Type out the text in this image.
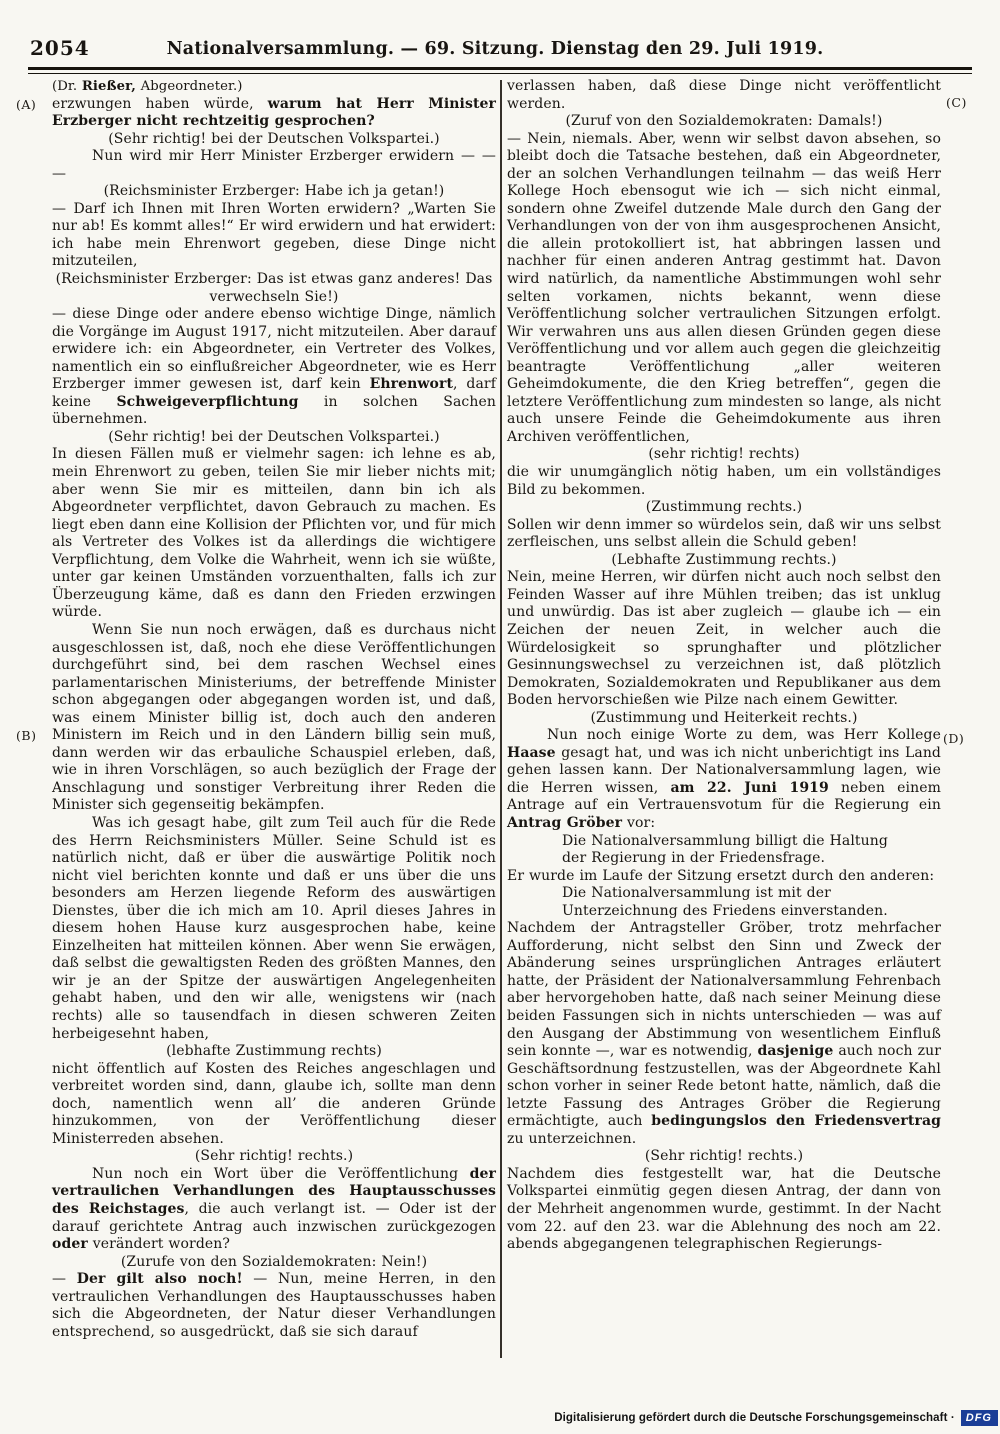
2054	Nationalversammlung. — 69. Sitzung. Dienstag den 29. Juli 1919.
(A)
(B)
(C)
(D)

(Dr. Rießer, Abgeordneter.)

erzwungen haben würde, warum hat Herr Minister Erzberger nicht rechtzeitig gesprochen?

(Sehr richtig! bei der Deutschen Volkspartei.)

Nun wird mir Herr Minister Erzberger erwidern — — —

(Reichsminister Erzberger: Habe ich ja getan!)

— Darf ich Ihnen mit Ihren Worten erwidern? „Warten Sie nur ab! Es kommt alles!“ Er wird erwidern und hat erwidert: ich habe mein Ehrenwort gegeben, diese Dinge nicht mitzuteilen,

(Reichsminister Erzberger: Das ist etwas ganz anderes! Das verwechseln Sie!)

— diese Dinge oder andere ebenso wichtige Dinge, nämlich die Vorgänge im August 1917, nicht mitzuteilen. Aber darauf erwidere ich: ein Abgeordneter, ein Vertreter des Volkes, namentlich ein so einflußreicher Abgeordneter, wie es Herr Erzberger immer gewesen ist, darf kein Ehrenwort, darf keine Schweigeverpflichtung in solchen Sachen übernehmen.

(Sehr richtig! bei der Deutschen Volkspartei.)

In diesen Fällen muß er vielmehr sagen: ich lehne es ab, mein Ehrenwort zu geben, teilen Sie mir lieber nichts mit; aber wenn Sie mir es mitteilen, dann bin ich als Abgeordneter verpflichtet, davon Gebrauch zu machen. Es liegt eben dann eine Kollision der Pflichten vor, und für mich als Vertreter des Volkes ist da allerdings die wichtigere Verpflichtung, dem Volke die Wahrheit, wenn ich sie wüßte, unter gar keinen Umständen vorzuenthalten, falls ich zur Überzeugung käme, daß es dann den Frieden erzwingen würde.

Wenn Sie nun noch erwägen, daß es durchaus nicht ausgeschlossen ist, daß, noch ehe diese Veröffentlichungen durchgeführt sind, bei dem raschen Wechsel eines parlamentarischen Ministeriums, der betreffende Minister schon abgegangen oder abgegangen worden ist, und daß, was einem Minister billig ist, doch auch den anderen Ministern im Reich und in den Ländern billig sein muß, dann werden wir das erbauliche Schauspiel erleben, daß, wie in ihren Vorschlägen, so auch bezüglich der Frage der Anschlagung und sonstiger Verbreitung ihrer Reden die Minister sich gegenseitig bekämpfen.

Was ich gesagt habe, gilt zum Teil auch für die Rede des Herrn Reichsministers Müller. Seine Schuld ist es natürlich nicht, daß er über die auswärtige Politik noch nicht viel berichten konnte und daß er uns über die uns besonders am Herzen liegende Reform des auswärtigen Dienstes, über die ich mich am 10. April dieses Jahres in diesem hohen Hause kurz ausgesprochen habe, keine Einzelheiten hat mitteilen können. Aber wenn Sie erwägen, daß selbst die gewaltigsten Reden des größten Mannes, den wir je an der Spitze der auswärtigen Angelegenheiten gehabt haben, und den wir alle, wenigstens wir (nach rechts) alle so tausendfach in diesen schweren Zeiten herbeigesehnt haben,

(lebhafte Zustimmung rechts)

nicht öffentlich auf Kosten des Reiches angeschlagen und verbreitet worden sind, dann, glaube ich, sollte man denn doch, namentlich wenn all’ die anderen Gründe hinzukommen, von der Veröffentlichung dieser Ministerreden absehen.

(Sehr richtig! rechts.)

Nun noch ein Wort über die Veröffentlichung der vertraulichen Verhandlungen des Hauptausschusses des Reichstages, die auch verlangt ist. — Oder ist der darauf gerichtete Antrag auch inzwischen zurückgezogen oder verändert worden?

(Zurufe von den Sozialdemokraten: Nein!)

— Der gilt also noch! — Nun, meine Herren, in den vertraulichen Verhandlungen des Hauptausschusses haben sich die Abgeordneten, der Natur dieser Verhandlungen entsprechend, so ausgedrückt, daß sie sich darauf

verlassen haben, daß diese Dinge nicht veröffentlicht werden.

(Zuruf von den Sozialdemokraten: Damals!)

— Nein, niemals. Aber, wenn wir selbst davon absehen, so bleibt doch die Tatsache bestehen, daß ein Abgeordneter, der an solchen Verhandlungen teilnahm — das weiß Herr Kollege Hoch ebensogut wie ich — sich nicht einmal, sondern ohne Zweifel dutzende Male durch den Gang der Verhandlungen von der von ihm ausgesprochenen Ansicht, die allein protokolliert ist, hat abbringen lassen und nachher für einen anderen Antrag gestimmt hat. Davon wird natürlich, da namentliche Abstimmungen wohl sehr selten vorkamen, nichts bekannt, wenn diese Veröffentlichung solcher vertraulichen Sitzungen erfolgt. Wir verwahren uns aus allen diesen Gründen gegen diese Veröffentlichung und vor allem auch gegen die gleichzeitig beantragte Veröffentlichung „aller weiteren Geheimdokumente, die den Krieg betreffen“, gegen die letztere Veröffentlichung zum mindesten so lange, als nicht auch unsere Feinde die Geheimdokumente aus ihren Archiven veröffentlichen,

(sehr richtig! rechts)

die wir unumgänglich nötig haben, um ein vollständiges Bild zu bekommen.

(Zustimmung rechts.)

Sollen wir denn immer so würdelos sein, daß wir uns selbst zerfleischen, uns selbst allein die Schuld geben!

(Lebhafte Zustimmung rechts.)

Nein, meine Herren, wir dürfen nicht auch noch selbst den Feinden Wasser auf ihre Mühlen treiben; das ist unklug und unwürdig. Das ist aber zugleich — glaube ich — ein Zeichen der neuen Zeit, in welcher auch die Würdelosigkeit so sprunghafter und plötzlicher Gesinnungswechsel zu verzeichnen ist, daß plötzlich Demokraten, Sozialdemokraten und Republikaner aus dem Boden hervorschießen wie Pilze nach einem Gewitter.

(Zustimmung und Heiterkeit rechts.)

Nun noch einige Worte zu dem, was Herr Kollege Haase gesagt hat, und was ich nicht unberichtigt ins Land gehen lassen kann. Der Nationalversammlung lagen, wie die Herren wissen, am 22. Juni 1919 neben einem Antrage auf ein Vertrauensvotum für die Regierung ein Antrag Gröber vor:

Die Nationalversammlung billigt die Haltung der Regierung in der Friedensfrage.

Er wurde im Laufe der Sitzung ersetzt durch den anderen:

Die Nationalversammlung ist mit der Unterzeichnung des Friedens einverstanden.

Nachdem der Antragsteller Gröber, trotz mehrfacher Aufforderung, nicht selbst den Sinn und Zweck der Abänderung seines ursprünglichen Antrages erläutert hatte, der Präsident der Nationalversammlung Fehrenbach aber hervorgehoben hatte, daß nach seiner Meinung diese beiden Fassungen sich in nichts unterschieden — was auf den Ausgang der Abstimmung von wesentlichem Einfluß sein konnte —, war es notwendig, dasjenige auch noch zur Geschäftsordnung festzustellen, was der Abgeordnete Kahl schon vorher in seiner Rede betont hatte, nämlich, daß die letzte Fassung des Antrages Gröber die Regierung ermächtigte, auch bedingungslos den Friedensvertrag zu unterzeichnen.

(Sehr richtig! rechts.)

Nachdem dies festgestellt war, hat die Deutsche Volkspartei einmütig gegen diesen Antrag, der dann von der Mehrheit angenommen wurde, gestimmt. In der Nacht vom 22. auf den 23. war die Ablehnung des noch am 22. abends abgegangenen telegraphischen Regierungs-

Digitalisierung gefördert durch die Deutsche Forschungsgemeinschaft ·	DFG
